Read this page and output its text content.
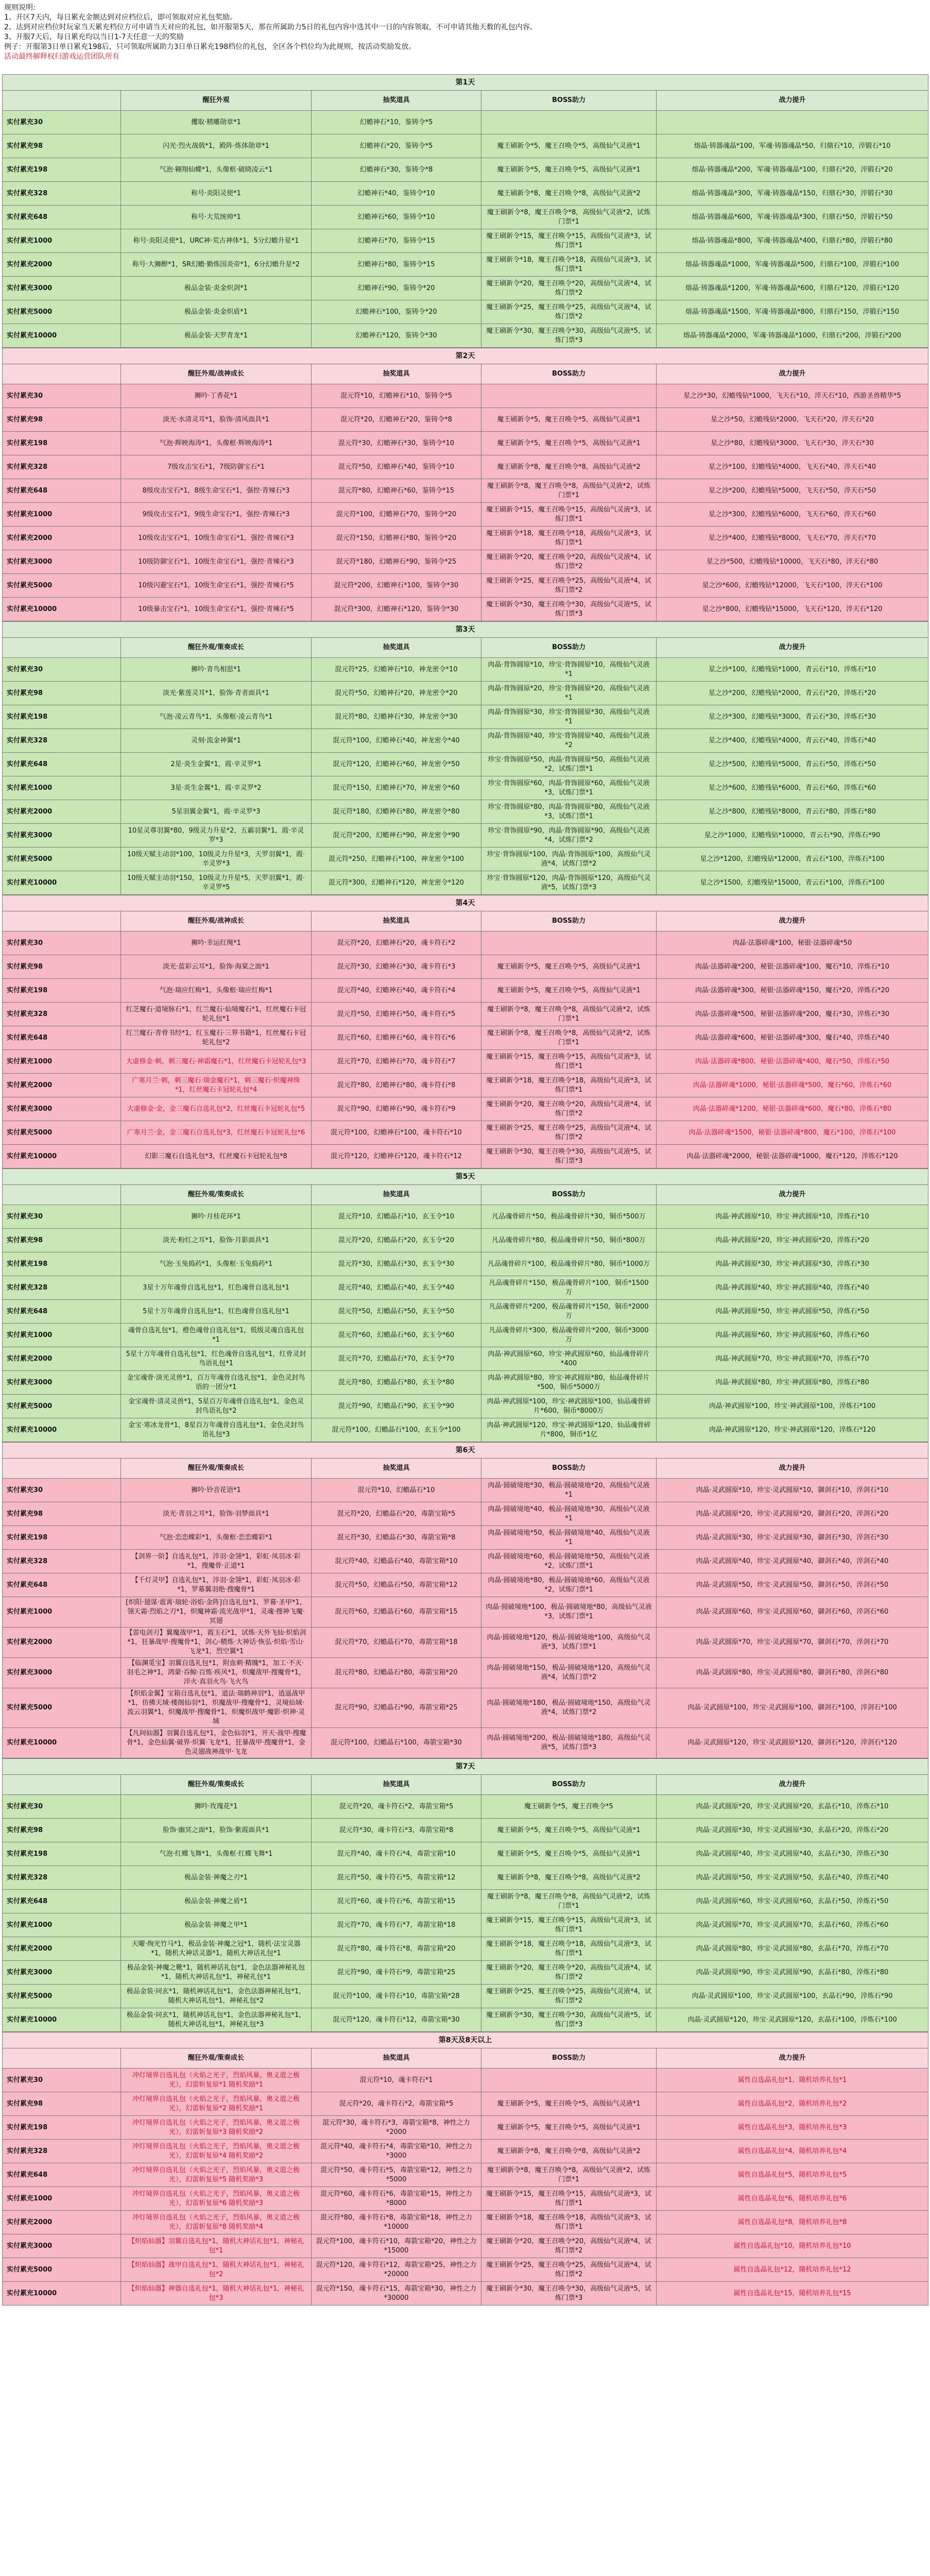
规则说明:
1、开区7天内，每日累充金额达到对应档位后，即可领取对应礼包奖励。
2、达到对应档位时玩家当天累充档位方可申请当天对应的礼包，如开服第5天，那在所属助力5日的礼包内容中选其中一日的内容领取，不可申请其他天数的礼包内容。
3、开服7天后，每日累充均以当日1-7天任意一天的奖励
例子：开服第3日单日累充198后，只可领取所属助力3日单日累充198档位的礼包，全区各个档位均为此规则，按活动奖励发放。
活动最终解释权归游戏运营团队所有
第1天				
	醒狂外观	抽奖道具	BOSS助力	战力提升
实付累充30	攫取·精雕勋章*1	幻蟾神石*10，鉴铸令*5		
实付累充98	闪光·烈火战戟*1，殿阵·炼体勋章*1	幻蟾神石*20，鉴铸令*5	魔王刷新令*5，魔王召唤令*5，高级仙气灵液*1	熔晶·铸器魂晶*100，军魂·铸器魂晶*50，归鼎石*10，淬锻石*10
实付累充198	气泡·翱翔仙蝶*1，头像框·破晓凌云*1	幻蟾神石*30，鉴铸令*8	魔王刷新令*5，魔王召唤令*5，高级仙气灵液*1	熔晶·铸器魂晶*200，军魂·铸器魂晶*100，归鼎石*20，淬锻石*20
实付累充328	称号·炎阳灵使*1	幻蟾神石*40，鉴铸令*10	魔王刷新令*8，魔王召唤令*8，高级仙气灵液*2	熔晶·铸器魂晶*300，军魂·铸器魂晶*150，归鼎石*30，淬锻石*30
实付累充648	称号·大荒统帅*1	幻蟾神石*60，鉴铸令*10	魔王刷新令*8，魔王召唤令*8，高级仙气灵液*2，试炼门票*1	熔晶·铸器魂晶*600，军魂·铸器魂晶*300，归鼎石*50，淬锻石*50
实付累充1000	称号·炎阳灵使*1，URC神·荒古神体*1，5分幻蟾升星*1	幻蟾神石*70，鉴铸令*15	魔王刷新令*15，魔王召唤令*15，高级仙气灵液*3，试炼门票*1	熔晶·铸器魂晶*800，军魂·铸器魂晶*400，归鼎石*80，淬锻石*80
实付累充2000	称号·大狮醉*1，SR幻蟾·勤炼国炎帝*1，6分幻蟾升星*2	幻蟾神石*80，鉴铸令*15	魔王刷新令*18，魔王召唤令*18，高级仙气灵液*3，试炼门票*1	熔晶·铸器魂晶*1000，军魂·铸器魂晶*500，归鼎石*100，淬锻石*100
实付累充3000	极品金装·炎金炽剑*1	幻蟾神石*90，鉴铸令*20	魔王刷新令*20，魔王召唤令*20，高级仙气灵液*4，试炼门票*2	熔晶·铸器魂晶*1200，军魂·铸器魂晶*600，归鼎石*120，淬锻石*120
实付累充5000	极品金装·炎金炽盾*1	幻蟾神石*100，鉴铸令*20	魔王刷新令*25，魔王召唤令*25，高级仙气灵液*4，试炼门票*2	熔晶·铸器魂晶*1500，军魂·铸器魂晶*800，归鼎石*150，淬锻石*150
实付累充10000	极品金装·天罗青龙*1	幻蟾神石*120，鉴铸令*30	魔王刷新令*30，魔王召唤令*30，高级仙气灵液*5，试炼门票*3	熔晶·铸器魂晶*2000，军魂·铸器魂晶*1000，归鼎石*200，淬锻石*200
第2天				
	醒狂外观/战神成长	抽奖道具	BOSS助力	战力提升
实付累充30	狮吟·丁香花*1	混元符*10，幻蟾神石*10，鉴铸令*5		星之沙*30，幻蟾残钻*1000，飞天石*10，淬天石*10，西游圣兽精华*5
实付累充98	淡光·水清灵耳*1，脸饰·清风面具*1	混元符*20，幻蟾神石*20，鉴铸令*8	魔王刷新令*5，魔王召唤令*5，高级仙气灵液*1	星之沙*50，幻蟾残钻*2000，飞天石*20，淬天石*20
实付累充198	气泡·辉映海涛*1，头像框·辉映海涛*1	混元符*30，幻蟾神石*30，鉴铸令*10	魔王刷新令*5，魔王召唤令*5，高级仙气灵液*1	星之沙*80，幻蟾残钻*3000，飞天石*30，淬天石*30
实付累充328	7级攻击宝石*1，7级防御宝石*1	混元符*50，幻蟾神石*40，鉴铸令*10	魔王刷新令*8，魔王召唤令*8，高级仙气灵液*2	星之沙*100，幻蟾残钻*4000，飞天石*40，淬天石*40
实付累充648	8级攻击宝石*1，8级生命宝石*1，强控·青辣石*3	混元符*80，幻蟾神石*60，鉴铸令*15	魔王刷新令*8，魔王召唤令*8，高级仙气灵液*2，试炼门票*1	星之沙*200，幻蟾残钻*5000，飞天石*50，淬天石*50
实付累充1000	9级攻击宝石*1，9级生命宝石*1，强控·青辣石*3	混元符*100，幻蟾神石*70，鉴铸令*20	魔王刷新令*15，魔王召唤令*15，高级仙气灵液*3，试炼门票*1	星之沙*300，幻蟾残钻*6000，飞天石*60，淬天石*60
实付累充2000	10级攻击宝石*1，10级生命宝石*1，强控·青辣石*3	混元符*150，幻蟾神石*80，鉴铸令*20	魔王刷新令*18，魔王召唤令*18，高级仙气灵液*3，试炼门票*1	星之沙*400，幻蟾残钻*8000，飞天石*70，淬天石*70
实付累充3000	10级防御宝石*1，10级生命宝石*1，强控·青辣石*3	混元符*180，幻蟾神石*90，鉴铸令*25	魔王刷新令*20，魔王召唤令*20，高级仙气灵液*4，试炼门票*2	星之沙*500，幻蟾残钻*10000，飞天石*80，淬天石*80
实付累充5000	10级闪避宝石*1，10级生命宝石*1，强控·青辣石*5	混元符*200，幻蟾神石*100，鉴铸令*30	魔王刷新令*25，魔王召唤令*25，高级仙气灵液*4，试炼门票*2	星之沙*600，幻蟾残钻*12000，飞天石*100，淬天石*100
实付累充10000	10级暴击宝石*1，10级生命宝石*1，强控·青辣石*5	混元符*300，幻蟾神石*120，鉴铸令*30	魔王刷新令*30，魔王召唤令*30，高级仙气灵液*5，试炼门票*3	星之沙*800，幻蟾残钻*15000，飞天石*120，淬天石*120
第3天				
	醒狂外观/策奏成长	抽奖道具	BOSS助力	战力提升
实付累充30	狮吟·青鸟相思*1	混元符*25，幻蟾神石*10，神龙密令*10	肉晶·背饰圆原*10，珍宝·背饰圆原*10，高级仙气灵液*1	星之沙*100，幻蟾残钻*1000，青云石*10，淬炼石*10
实付累充98	淡光·紫莲灵耳*1，脸饰·青者面具*1	混元符*50，幻蟾神石*20，神龙密令*20	肉晶·背饰圆原*20，珍宝·背饰圆原*20，高级仙气灵液*1	星之沙*200，幻蟾残钻*2000，青云石*20，淬炼石*20
实付累充198	气泡·凌云青鸟*1，头像框·凌云青鸟*1	混元符*80，幻蟾神石*30，神龙密令*30	肉晶·背饰圆原*30，珍宝·背饰圆原*30，高级仙气灵液*1	星之沙*300，幻蟾残钻*3000，青云石*30，淬炼石*30
实付累充328	灵刻·流金神翼*1	混元符*100，幻蟾神石*40，神龙密令*40	肉晶·背饰圆原*40，珍宝·背饰圆原*40，高级仙气灵液*2	星之沙*400，幻蟾残钻*4000，青云石*40，淬炼石*40
实付累充648	2星·炎生金翼*1，霞·辛灵罗*1	混元符*120，幻蟾神石*60，神龙密令*50	珍宝·背饰圆原*50，肉晶·背饰圆原*50，高级仙气灵液*2，试炼门票*1	星之沙*500，幻蟾残钻*5000，青云石*50，淬炼石*50
实付累充1000	3星·炎生金翼*1，霞·辛灵罗*2	混元符*150，幻蟾神石*70，神龙密令*60	珍宝·背饰圆原*60，肉晶·背饰圆原*60，高级仙气灵液*3，试炼门票*1	星之沙*600，幻蟾残钻*6000，青云石*60，淬炼石*60
实付累充2000	5星羽翼金翼*1，霞·辛灵罗*3	混元符*180，幻蟾神石*80，神龙密令*80	珍宝·背饰圆原*80，肉晶·背饰圆原*80，高级仙气灵液*3，试炼门票*1	星之沙*800，幻蟾残钻*8000，青云石*80，淬炼石*80
实付累充3000	10星灵尊羽翼*80，9级灵力升星*2，五霸羽翼*1，霞·辛灵罗*3	混元符*200，幻蟾神石*90，神龙密令*90	珍宝·背饰圆原*90，肉晶·背饰圆原*90，高级仙气灵液*4，试炼门票*2	星之沙*1000，幻蟾残钻*10000，青云石*90，淬炼石*90
实付累充5000	10级天赋主动羽*100，10级灵力升星*3，天罗羽翼*1，霞·辛灵罗*3	混元符*250，幻蟾神石*100，神龙密令*100	珍宝·背饰圆原*100，肉晶·背饰圆原*100，高级仙气灵液*4，试炼门票*2	星之沙*1200，幻蟾残钻*12000，青云石*100，淬炼石*100
实付累充10000	10级天赋主动羽*150，10级灵力升星*5，天罗羽翼*1，霞·辛灵罗*5	混元符*300，幻蟾神石*120，神龙密令*120	珍宝·背饰圆原*120，肉晶·背饰圆原*120，高级仙气灵液*5，试炼门票*3	星之沙*1500，幻蟾残钻*15000，青云石*100，淬炼石*100
第4天				
	醒狂外观/战神成长	抽奖道具	BOSS助力	战力提升
实付累充30	狮吟·幸运红绳*1	混元符*20，幻蟾神石*20，魂卡符石*2		肉晶·法器碎魂*100，秘银·法器碎魂*50
实付累充98	淡光·蓝彩云耳*1，脸饰·海棠之面*1	混元符*30，幻蟾神石*30，魂卡符石*3	魔王刷新令*5，魔王召唤令*5，高级仙气灵液*1	肉晶·法器碎魂*200，秘银·法器碎魂*100，魔石*10，淬炼石*10
实付累充198	气泡·瑞应红梅*1，头像框·瑞应红梅*1	混元符*40，幻蟾神石*40，魂卡符石*4	魔王刷新令*5，魔王召唤令*5，高级仙气灵液*1	肉晶·法器碎魂*300，秘银·法器碎魂*150，魔石*20，淬炼石*20
实付累充328	红芝魔石·道境脉石*1，红兰魔石·仙境魔石*1，红丝魔石卡冠轮礼包*1	混元符*50，幻蟾神石*50，魂卡符石*5	魔王刷新令*8，魔王召唤令*8，高级仙气灵液*2，试炼门票*1	肉晶·法器碎魂*500，秘银·法器碎魂*200，魔石*30，淬炼石*30
实付累充648	红兰魔石·青骨书经*1，红玉魔石·三界书籍*1，红丝魔石卡冠轮礼包*2	混元符*60，幻蟾神石*60，魂卡符石*6	魔王刷新令*8，魔王召唤令*8，高级仙气灵液*2，试炼门票*1	肉晶·法器碎魂*600，秘银·法器碎魂*300，魔石*40，淬炼石*40
实付累充1000	大虚修金·刺，刺三魔石·神霜魔石*1，红丝魔石卡冠轮礼包*3	混元符*70，幻蟾神石*70，魂卡符石*7	魔王刷新令*15，魔王召唤令*15，高级仙气灵液*3，试炼门票*1	肉晶·法器碎魂*800，秘银·法器碎魂*400，魔石*50，淬炼石*50
实付累充2000	广寒月兰·刺，刺三魔石·瑞金魔石*1，刺三魔石·炽魔神珠*1，红丝魔石卡冠轮礼包*4	混元符*80，幻蟾神石*80，魂卡符石*8	魔王刷新令*18，魔王召唤令*18，高级仙气灵液*3，试炼门票*1	肉晶·法器碎魂*1000，秘银·法器碎魂*500，魔石*60，淬炼石*60
实付累充3000	大虚修金·金，金三魔石自选礼包*2，红丝魔石卡冠轮礼包*5	混元符*90，幻蟾神石*90，魂卡符石*9	魔王刷新令*20，魔王召唤令*20，高级仙气灵液*4，试炼门票*2	肉晶·法器碎魂*1200，秘银·法器碎魂*600，魔石*80，淬炼石*80
实付累充5000	广寒月兰·金，金三魔石自选礼包*3，红丝魔石卡冠轮礼包*6	混元符*100，幻蟾神石*100，魂卡符石*10	魔王刷新令*25，魔王召唤令*25，高级仙气灵液*4，试炼门票*2	肉晶·法器碎魂*1500，秘银·法器碎魂*800，魔石*100，淬炼石*100
实付累充10000	幻影三魔石自选礼包*3，红丝魔石卡冠轮礼包*8	混元符*120，幻蟾神石*120，魂卡符石*12	魔王刷新令*30，魔王召唤令*30，高级仙气灵液*5，试炼门票*3	肉晶·法器碎魂*2000，秘银·法器碎魂*1000，魔石*120，淬炼石*120
第5天				
	醒狂外观/策奏成长	抽奖道具	BOSS助力	战力提升
实付累充30	狮吟·月桂花环*1	混元符*10，幻蟾晶石*10，玄玉令*10	凡品魂骨碎片*50，极品魂骨碎片*30，铜币*500万	肉晶·神武圆原*10，珍宝·神武圆原*10，淬炼石*10
实付累充98	淡光·粉红之耳*1，脸饰·月影面具*1	混元符*20，幻蟾晶石*20，玄玉令*20	凡品魂骨碎片*80，极品魂骨碎片*50，铜币*800万	肉晶·神武圆原*20，珍宝·神武圆原*20，淬炼石*20
实付累充198	气泡·玉兔捣药*1，头像框·玉兔捣药*1	混元符*30，幻蟾晶石*30，玄玉令*30	凡品魂骨碎片*100，极品魂骨碎片*80，铜币*1000万	肉晶·神武圆原*30，珍宝·神武圆原*30，淬炼石*30
实付累充328	3星十万年魂骨自选礼包*1，红色魂骨自选礼包*1	混元符*40，幻蟾晶石*40，玄玉令*40	凡品魂骨碎片*150，极品魂骨碎片*100，铜币*1500万	肉晶·神武圆原*40，珍宝·神武圆原*40，淬炼石*40
实付累充648	5星十万年魂骨自选礼包*1，红色魂骨自选礼包*1	混元符*50，幻蟾晶石*50，玄玉令*50	凡品魂骨碎片*200，极品魂骨碎片*150，铜币*2000万	肉晶·神武圆原*50，珍宝·神武圆原*50，淬炼石*50
实付累充1000	魂骨自选礼包*1，橙色魂骨自选礼包*1，低级灵魂自选礼包*1	混元符*60，幻蟾晶石*60，玄玉令*60	凡品魂骨碎片*300，极品魂骨碎片*200，铜币*3000万	肉晶·神武圆原*60，珍宝·神武圆原*60，淬炼石*60
实付累充2000	5星十万年魂骨自选礼包*1，红色魂骨自选礼包*1，红骨灵封鸟语礼包*1	混元符*70，幻蟾晶石*70，玄玉令*70	肉晶·神武圆原*60，珍宝·神武圆原*60，仙品魂骨碎片*400	肉晶·神武圆原*70，珍宝·神武圆原*70，淬炼石*70
实付累充3000	金宝魂骨·淡光灵兽*1，百万年魂骨自选礼包*1，金色灵封鸟语的一团分*1	混元符*80，幻蟾晶石*80，玄玉令*80	肉晶·神武圆原*80，珍宝·神武圆原*80，仙品魂骨碎片*500，铜币*5000万	肉晶·神武圆原*80，珍宝·神武圆原*80，淬炼石*80
实付累充5000	金宝魂骨·清灵灵兽*1，5星百万年魂骨自选礼包*1，金色灵封鸟语礼包*2	混元符*90，幻蟾晶石*90，玄玉令*90	肉晶·神武圆原*100，珍宝·神武圆原*100，仙品魂骨碎片*600，铜币*8000万	肉晶·神武圆原*100，珍宝·神武圆原*100，淬炼石*100
实付累充10000	金宝·寒冰龙骨*1，8星百万年魂骨自选礼包*1，金色灵封鸟语礼包*3	混元符*100，幻蟾晶石*100，玄玉令*100	肉晶·神武圆原*120，珍宝·神武圆原*120，仙品魂骨碎片*800，铜币*1亿	肉晶·神武圆原*120，珍宝·神武圆原*120，淬炼石*120
第6天				
	醒狂外观/策奏成长	抽奖道具	BOSS助力	战力提升
实付累充30	狮吟·铃音花语*1	混元符*10，幻蟾晶石*10	肉晶·圆破境地*30，极品·圆破境地*20，高级仙气灵液*1	肉晶·灵武圆原*10，珍宝·灵武圆原*10，御剑石*10，淬剑石*10
实付累充98	淡光·青羽之耳*1，脸饰·羽梦面具*1	混元符*20，幻蟾晶石*20，毒箭宝箱*5	肉晶·圆破境地*40，极品·圆破境地*30，高级仙气灵液*1	肉晶·灵武圆原*20，珍宝·灵武圆原*20，御剑石*20，淬剑石*20
实付累充198	气泡·恋恋蝶彩*1，头像框·恋恋蝶彩*1	混元符*30，幻蟾晶石*30，毒箭宝箱*8	肉晶·圆破境地*50，极品·圆破境地*40，高级仙气灵液*1	肉晶·灵武圆原*30，珍宝·灵武圆原*30，御剑石*30，淬剑石*30
实付累充328	【剑界一阶】自选礼包*1，淬羽·金翎*1，彩虹·凤羽冰·彩*1，搜魔骨·正道*1	混元符*40，幻蟾晶石*40，毒箭宝箱*10	肉晶·圆破境地*60，极品·圆破境地*50，高级仙气灵液*2，试炼门票*1	肉晶·灵武圆原*40，珍宝·灵武圆原*40，御剑石*40，淬剑石*40
实付累充648	【千灯灵甲】自选礼包*1，淬羽·金翎*1，彩虹·凤羽冰·彩*1，罗幕翼羽绝·搜魔骨*1	混元符*50，幻蟾晶石*50，毒箭宝箱*12	肉晶·圆破境地*80，极品·圆破境地*60，高级仙气灵液*2，试炼门票*1	肉晶·灵武圆原*50，珍宝·灵武圆原*50，御剑石*50，淬剑石*50
实付累充1000	[炽阳·翅谋·震霄·瑞轮·浴焰·金阵]自选礼包*1，罗幕·圣甲*1，翎天霜·烈焰之刃*1，炽魔神霜·流光战甲*1，灵魂·搜神飞魔·冥翅	混元符*60，幻蟾晶石*60，毒箭宝箱*15	肉晶·圆破境地*100，极品·圆破境地*80，高级仙气灵液*3，试炼门票*1	肉晶·灵武圆原*60，珍宝·灵武圆原*60，御剑石*60，淬剑石*60
实付累充2000	【雷电剑刃】翼魔战甲*1，霞玉石*1，试炼·天外飞仙·炽焰剑*1，狂暴战甲·搜魔骨*1，剑心·精炼·大神话·恢弘·炽焰·雪山·飞龙*1，烈空翼*1	混元符*70，幻蟾晶石*70，毒箭宝箱*18	肉晶·圆破境地*120，极品·圆破境地*100，高级仙气灵液*3，试炼门票*1	肉晶·灵武圆原*70，珍宝·灵武圆原*70，御剑石*70，淬剑石*70
实付累充3000	【临渊觅宝】羽翼自选礼包*1，附血刺·精魄*1，加工·不灭·羽毛之神*1，鸿蒙·吞鲸·百炼·疾风*1，炽魔战甲·搜魔骨*1，淬火·真羽火鸟·飞火鸟	混元符*80，幻蟾晶石*80，毒箭宝箱*20	肉晶·圆破境地*150，极品·圆破境地*120，高级仙气灵液*4，试炼门票*2	肉晶·灵武圆原*80，珍宝·灵武圆原*80，御剑石*80，淬剑石*80
实付累充5000	【炽焰金翼】宝箱自选礼包*1，道法·瑞鹤神羽*1，逍遥战甲*1，仿佛天域·楼阁仙羽*1，炽魔战甲·搜魔骨*1，灵境仙域·流云羽翼*1，炽魔战甲·搜魔骨*1，炽魔炽战甲·魔影·炽神·灵域	混元符*90，幻蟾晶石*90，毒箭宝箱*25	肉晶·圆破境地*180，极品·圆破境地*150，高级仙气灵液*4，试炼门票*2	肉晶·灵武圆原*100，珍宝·灵武圆原*100，御剑石*100，淬剑石*100
实付累充10000	【凡间仙器】羽翼自选礼包*1，金色仙羽*1，开天·战甲·搜魔骨*1，金色仙翼·破界·炽翼·飞龙*1，狂暴战甲·搜魔骨*1，金色灵翅战神战甲·飞龙	混元符*100，幻蟾晶石*100，毒箭宝箱*30	肉晶·圆破境地*200，极品·圆破境地*180，高级仙气灵液*5，试炼门票*3	肉晶·灵武圆原*120，珍宝·灵武圆原*120，御剑石*120，淬剑石*120
第7天				
	醒狂外观/策奏成长	抽奖道具	BOSS助力	战力提升
实付累充30	狮吟·玫瑰花*1	混元符*20，魂卡符石*2，毒箭宝箱*5	魔王刷新令*5，魔王召唤令*5	肉晶·灵武圆原*20，珍宝·灵武圆原*20，玄晶石*10，淬炼石*10
实付累充98	脸饰·幽冥之面*1，脸饰·紫霞面具*1	混元符*30，魂卡符石*3，毒箭宝箱*8	魔王刷新令*5，魔王召唤令*5，高级仙气灵液*1	肉晶·灵武圆原*30，珍宝·灵武圆原*30，玄晶石*20，淬炼石*20
实付累充198	气泡·红蝶飞舞*1，头像框·红蝶飞舞*1	混元符*40，魂卡符石*4，毒箭宝箱*10	魔王刷新令*5，魔王召唤令*5，高级仙气灵液*1	肉晶·灵武圆原*40，珍宝·灵武圆原*40，玄晶石*30，淬炼石*30
实付累充328	极品金装·神魔之刃*1	混元符*50，魂卡符石*5，毒箭宝箱*12	魔王刷新令*8，魔王召唤令*8，高级仙气灵液*2	肉晶·灵武圆原*50，珍宝·灵武圆原*50，玄晶石*40，淬炼石*40
实付累充648	极品金装·神魔之盾*1	混元符*60，魂卡符石*6，毒箭宝箱*15	魔王刷新令*8，魔王召唤令*8，高级仙气灵液*2，试炼门票*1	肉晶·灵武圆原*60，珍宝·灵武圆原*60，玄晶石*50，淬炼石*50
实付累充1000	极品金装·神魔之甲*1	混元符*70，魂卡符石*7，毒箭宝箱*18	魔王刷新令*15，魔王召唤令*15，高级仙气灵液*3，试炼门票*1	肉晶·灵武圆原*70，珍宝·灵武圆原*70，玄晶石*60，淬炼石*60
实付累充2000	天曜·绚光竹马*1，极品金装·神魔之冠*1，随机·法宝灵器*1，随机大神话灵器*1，随机大神话礼包*1	混元符*80，魂卡符石*8，毒箭宝箱*20	魔王刷新令*18，魔王召唤令*18，高级仙气灵液*3，试炼门票*1	肉晶·灵武圆原*80，珍宝·灵武圆原*80，玄晶石*70，淬炼石*70
实付累充3000	极品金装·神魔之靴*1，随机神话礼包*1，金色法器神秘礼包*1，随机大神话礼包*1，神秘礼包*1	混元符*90，魂卡符石*9，毒箭宝箱*25	魔王刷新令*20，魔王召唤令*20，高级仙气灵液*4，试炼门票*2	肉晶·灵武圆原*90，珍宝·灵武圆原*90，玄晶石*80，淬炼石*80
实付累充5000	极品金装·同玄*1，随机神话礼包*1，金色法器神秘礼包*1，随机大神话礼包*1，神秘礼包*2	混元符*100，魂卡符石*10，毒箭宝箱*28	魔王刷新令*25，魔王召唤令*25，高级仙气灵液*4，试炼门票*2	肉晶·灵武圆原*100，珍宝·灵武圆原*100，玄晶石*90，淬炼石*90
实付累充10000	极品金装·同玄*1，随机神话礼包*1，金色法器神秘礼包*1，随机大神话礼包*1，神秘礼包*3	混元符*120，魂卡符石*12，毒箭宝箱*30	魔王刷新令*30，魔王召唤令*30，高级仙气灵液*5，试炼门票*3	肉晶·灵武圆原*120，珍宝·灵武圆原*120，玄晶石*100，淬炼石*100
第8天及8天以上				
	醒狂外观/策奏成长	抽奖道具	BOSS助力	战力提升
实付累充30	冲灯境界自选礼包（火焰之光子，烈焰风暴，奥义道之极光），幻雷斩复原*1 随机奖励*1	混元符*10，魂卡符石*1		属性自选晶礼包*1，随机培养礼包*1
实付累充98	冲灯境界自选礼包（火焰之光子，烈焰风暴，奥义道之极光），幻雷斩复原*2 随机奖励*1	混元符*20，魂卡符石*2，毒箭宝箱*5	魔王刷新令*5，魔王召唤令*5，高级仙气灵液*1	属性自选晶礼包*2，随机培养礼包*2
实付累充198	冲灯境界自选礼包（火焰之光子，烈焰风暴，奥义道之极光），幻雷斩复原*3 随机奖励*2	混元符*30，魂卡符石*3，毒箭宝箱*8，神性之力*2000	魔王刷新令*5，魔王召唤令*5，高级仙气灵液*1	属性自选晶礼包*3，随机培养礼包*3
实付累充328	冲灯境界自选礼包（火焰之光子，烈焰风暴，奥义道之极光），幻雷斩复原*4 随机奖励*2	混元符*40，魂卡符石*4，毒箭宝箱*10，神性之力*3000	魔王刷新令*8，魔王召唤令*8，高级仙气灵液*2	属性自选晶礼包*4，随机培养礼包*4
实付累充648	冲灯境界自选礼包（火焰之光子，烈焰风暴，奥义道之极光），幻雷斩复原*5 随机奖励*3	混元符*50，魂卡符石*5，毒箭宝箱*12，神性之力*5000	魔王刷新令*8，魔王召唤令*8，高级仙气灵液*2，试炼门票*1	属性自选晶礼包*5，随机培养礼包*5
实付累充1000	冲灯境界自选礼包（火焰之光子，烈焰风暴，奥义道之极光），幻雷斩复原*6 随机奖励*3	混元符*60，魂卡符石*6，毒箭宝箱*15，神性之力*8000	魔王刷新令*15，魔王召唤令*15，高级仙气灵液*3，试炼门票*1	属性自选晶礼包*6，随机培养礼包*6
实付累充2000	冲灯境界自选礼包（火焰之光子，烈焰风暴，奥义道之极光），幻雷斩复原*8 随机奖励*4	混元符*80，魂卡符石*8，毒箭宝箱*18，神性之力*10000	魔王刷新令*18，魔王召唤令*18，高级仙气灵液*3，试炼门票*1	属性自选晶礼包*8，随机培养礼包*8
实付累充3000	【炽焰仙器】羽翼自选礼包*1，随机大神话礼包*1，神秘礼包*1	混元符*100，魂卡符石*10，毒箭宝箱*20，神性之力*15000	魔王刷新令*20，魔王召唤令*20，高级仙气灵液*4，试炼门票*2	属性自选晶礼包*10，随机培养礼包*10
实付累充5000	【炽焰仙器】战甲自选礼包*1，随机大神话礼包*1，神秘礼包*2	混元符*120，魂卡符石*12，毒箭宝箱*25，神性之力*20000	魔王刷新令*25，魔王召唤令*25，高级仙气灵液*4，试炼门票*2	属性自选晶礼包*12，随机培养礼包*12
实付累充10000	【炽焰仙器】神器自选礼包*1，随机大神话礼包*1，神秘礼包*3	混元符*150，魂卡符石*15，毒箭宝箱*30，神性之力*30000	魔王刷新令*30，魔王召唤令*30，高级仙气灵液*5，试炼门票*3	属性自选晶礼包*15，随机培养礼包*15
